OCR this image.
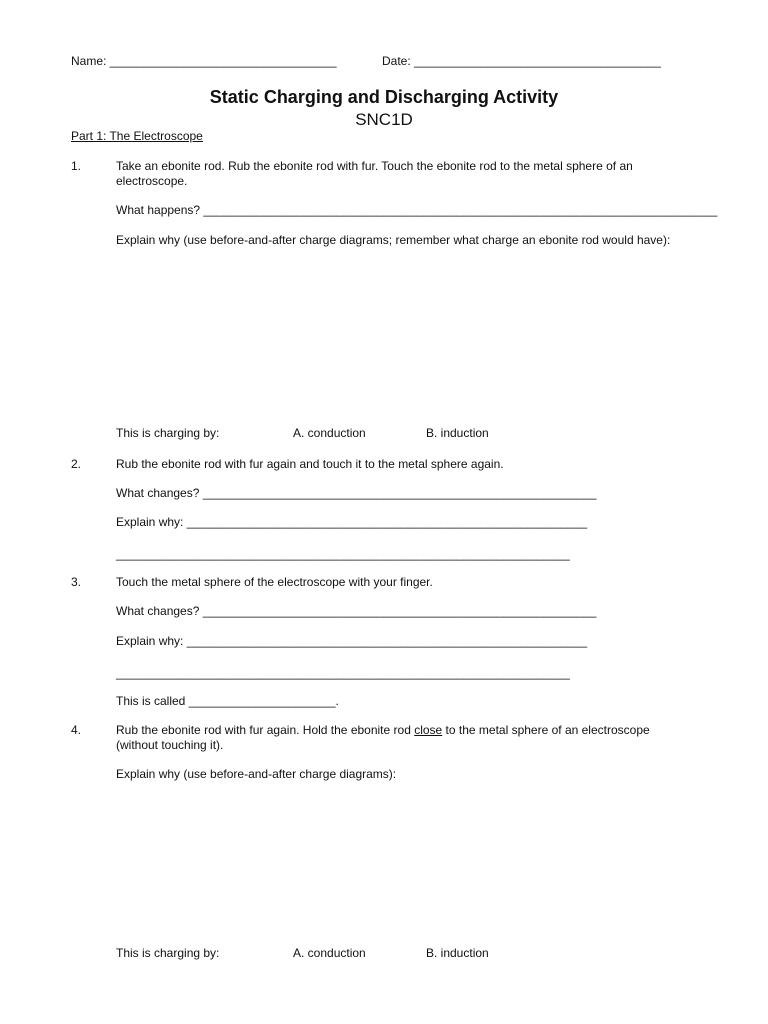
Name: __________________________________	Date: _____________________________________
Static Charging and Discharging Activity
SNC1D
Part 1: The Electroscope
1.	Take an ebonite rod. Rub the ebonite rod with fur. Touch the ebonite rod to the metal sphere of an
electroscope.
What happens? _____________________________________________________________________________
Explain why (use before-and-after charge diagrams; remember what charge an ebonite rod would have):
This is charging by:	A. conduction	B. induction
2.	Rub the ebonite rod with fur again and touch it to the metal sphere again.
What changes? ___________________________________________________________
Explain why: ____________________________________________________________
____________________________________________________________________
3.	Touch the metal sphere of the electroscope with your finger.
What changes? ___________________________________________________________
Explain why: ____________________________________________________________
____________________________________________________________________
This is called ______________________.
4.	Rub the ebonite rod with fur again. Hold the ebonite rod close to the metal sphere of an electroscope
(without touching it).
Explain why (use before-and-after charge diagrams):
This is charging by:	A. conduction	B. induction
